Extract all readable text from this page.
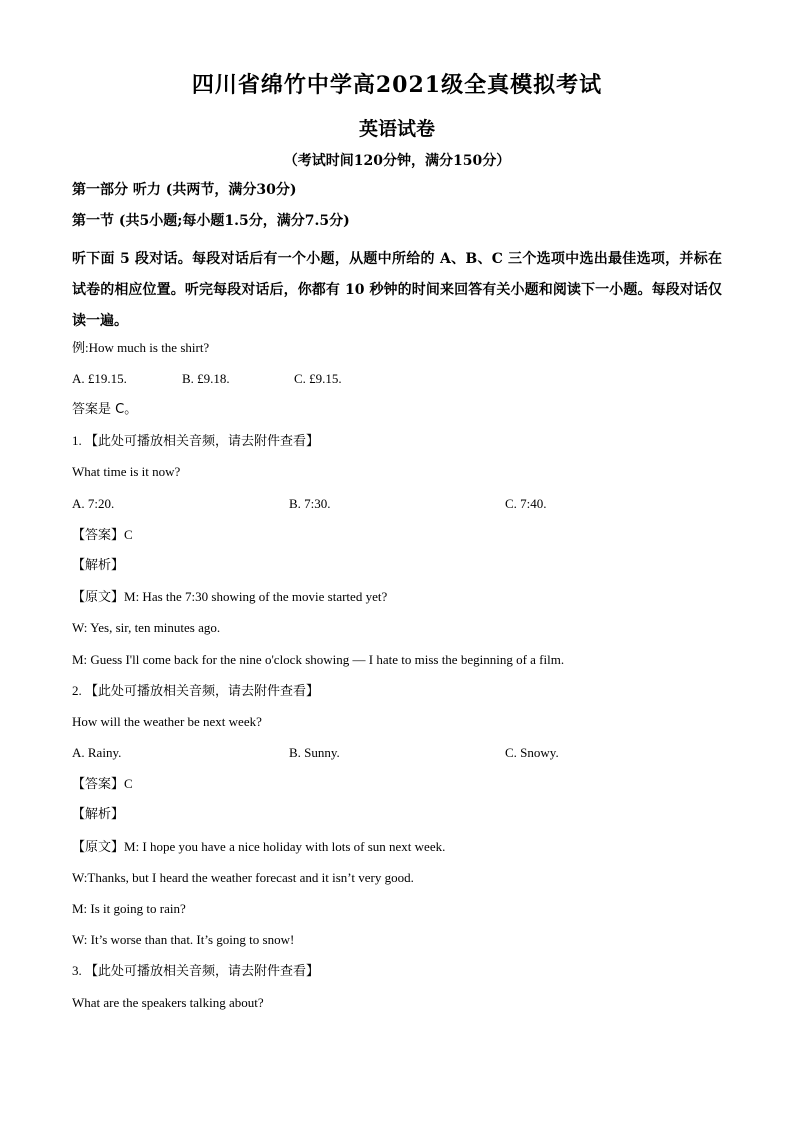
四川省绵竹中学高2021级全真模拟考试
英语试卷
（考试时间120分钟，满分150分）
第一部分 听力 (共两节，满分30分)
第一节 (共5小题;每小题1.5分，满分7.5分)
听下面 5 段对话。每段对话后有一个小题，从题中所给的 A、B、C 三个选项中选出最佳选项，并标在试卷的相应位置。听完每段对话后，你都有 10 秒钟的时间来回答有关小题和阅读下一小题。每段对话仅读一遍。
例:How much is the shirt?
A. £19.15.	B. £9.18.	C. £9.15.
答案是 C。
1. 【此处可播放相关音频，请去附件查看】
What time is it now?
A. 7:20.	B. 7:30.	C. 7:40.
【答案】C
【解析】
【原文】M: Has the 7:30 showing of the movie started yet?
W: Yes, sir, ten minutes ago.
M: Guess I'll come back for the nine o'clock showing — I hate to miss the beginning of a film.
2. 【此处可播放相关音频，请去附件查看】
How will the weather be next week?
A. Rainy.	B. Sunny.	C. Snowy.
【答案】C
【解析】
【原文】M: I hope you have a nice holiday with lots of sun next week.
W:Thanks, but I heard the weather forecast and it isn’t very good.
M: Is it going to rain?
W: It’s worse than that. It’s going to snow!
3. 【此处可播放相关音频，请去附件查看】
What are the speakers talking about?
